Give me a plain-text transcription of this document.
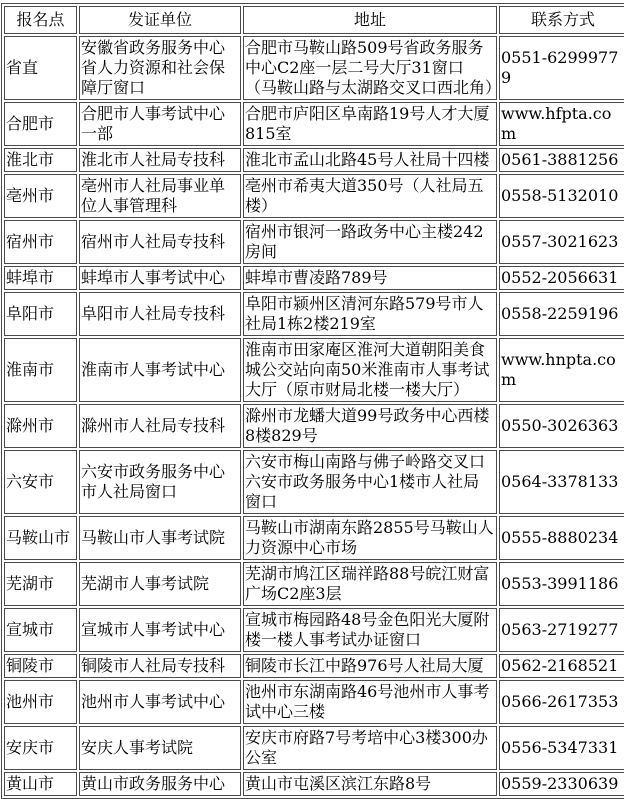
报名点	发证单位	地址	联系方式
省直	安徽省政务服务中心省人力资源和社会保障厅窗口	合肥市马鞍山路509号省政务服务中心C2座一层二号大厅31窗口（马鞍山路与太湖路交叉口西北角）	0551-62999779
合肥市	合肥市人事考试中心一部	合肥市庐阳区阜南路19号人才大厦815室	www.hfpta.com
淮北市	淮北市人社局专技科	淮北市孟山北路45号人社局十四楼	0561-3881256
亳州市	亳州市人社局事业单位人事管理科	亳州市希夷大道350号（人社局五楼）	0558-5132010
宿州市	宿州市人社局专技科	宿州市银河一路政务中心主楼242房间	0557-3021623
蚌埠市	蚌埠市人事考试中心	蚌埠市曹凌路789号	0552-2056631
阜阳市	阜阳市人社局专技科	阜阳市颍州区清河东路579号市人社局1栋2楼219室	0558-2259196
淮南市	淮南市人事考试中心	淮南市田家庵区淮河大道朝阳美食城公交站向南50米淮南市人事考试大厅（原市财局北楼一楼大厅）	www.hnpta.com
滁州市	滁州市人社局专技科	滁州市龙蟠大道99号政务中心西楼8楼829号	0550-3026363
六安市	六安市政务服务中心市人社局窗口	六安市梅山南路与佛子岭路交叉口六安市政务服务中心1楼市人社局窗口	0564-3378133
马鞍山市	马鞍山市人事考试院	马鞍山市湖南东路2855号马鞍山人力资源中心市场	0555-8880234
芜湖市	芜湖市人事考试院	芜湖市鸠江区瑞祥路88号皖江财富广场C2座3层	0553-3991186
宣城市	宣城市人事考试中心	宣城市梅园路48号金色阳光大厦附楼一楼人事考试办证窗口	0563-2719277
铜陵市	铜陵市人社局专技科	铜陵市长江中路976号人社局大厦	0562-2168521
池州市	池州市人事考试中心	池州市东湖南路46号池州市人事考试中心三楼	0566-2617353
安庆市	安庆人事考试院	安庆市府路7号考培中心3楼300办公室	0556-5347331
黄山市	黄山市政务服务中心	黄山市屯溪区滨江东路8号	0559-2330639
